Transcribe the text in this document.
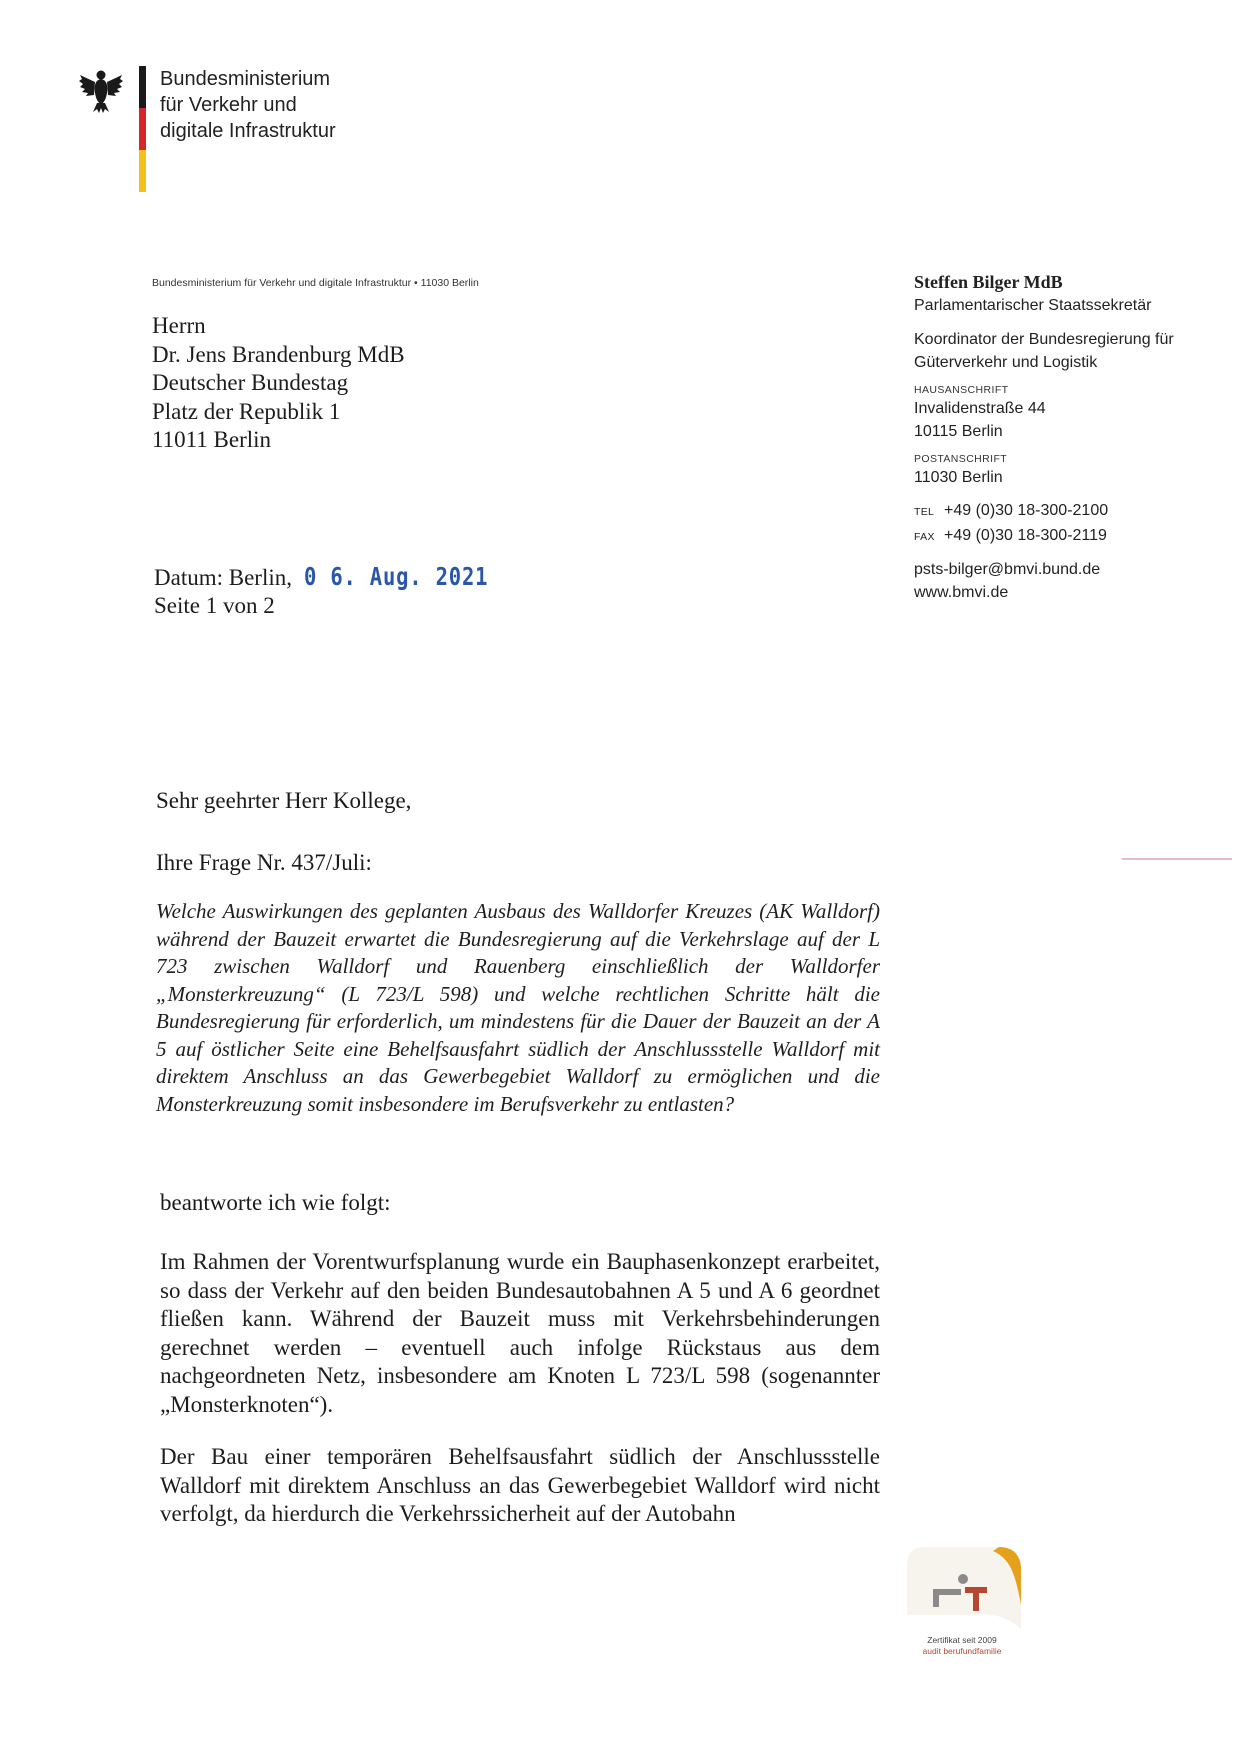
Bundesministerium
für Verkehr und
digitale Infrastruktur
Bundesministerium für Verkehr und digitale Infrastruktur • 11030 Berlin
Herrn
Dr. Jens Brandenburg MdB
Deutscher Bundestag
Platz der Republik 1
11011 Berlin
Steffen Bilger MdB
Parlamentarischer Staatssekretär
Koordinator der Bundesregierung für
Güterverkehr und Logistik
HAUSANSCHRIFT
Invalidenstraße 44
10115 Berlin
POSTANSCHRIFT
11030 Berlin
TEL +49 (0)30 18-300-2100
FAX +49 (0)30 18-300-2119
psts-bilger@bmvi.bund.de
www.bmvi.de
Datum: Berlin, 0 6. Aug. 2021
Seite 1 von 2
Sehr geehrter Herr Kollege,
Ihre Frage Nr. 437/Juli:
Welche Auswirkungen des geplanten Ausbaus des Walldorfer Kreuzes (AK Walldorf) während der Bauzeit erwartet die Bundesregierung auf die Verkehrslage auf der L 723 zwischen Walldorf und Rauenberg einschließlich der Walldorfer „Monsterkreuzung“ (L 723/L 598) und welche rechtlichen Schritte hält die Bundesregierung für erforderlich, um mindestens für die Dauer der Bauzeit an der A 5 auf östlicher Seite eine Behelfsausfahrt südlich der Anschlussstelle Walldorf mit direktem Anschluss an das Gewerbegebiet Walldorf zu ermöglichen und die Monsterkreuzung somit insbesondere im Berufsverkehr zu entlasten?
beantworte ich wie folgt:
Im Rahmen der Vorentwurfsplanung wurde ein Bauphasenkonzept erarbeitet, so dass der Verkehr auf den beiden Bundesautobahnen A 5 und A 6 geordnet fließen kann. Während der Bauzeit muss mit Verkehrsbehinderungen gerechnet werden – eventuell auch infolge Rückstaus aus dem nachgeordneten Netz, insbesondere am Knoten L 723/L 598 (sogenannter „Monsterknoten“).
Der Bau einer temporären Behelfsausfahrt südlich der Anschlussstelle Walldorf mit direktem Anschluss an das Gewerbegebiet Walldorf wird nicht verfolgt, da hierdurch die Verkehrssicherheit auf der Autobahn
Zertifikat seit 2009
audit berufundfamilie
